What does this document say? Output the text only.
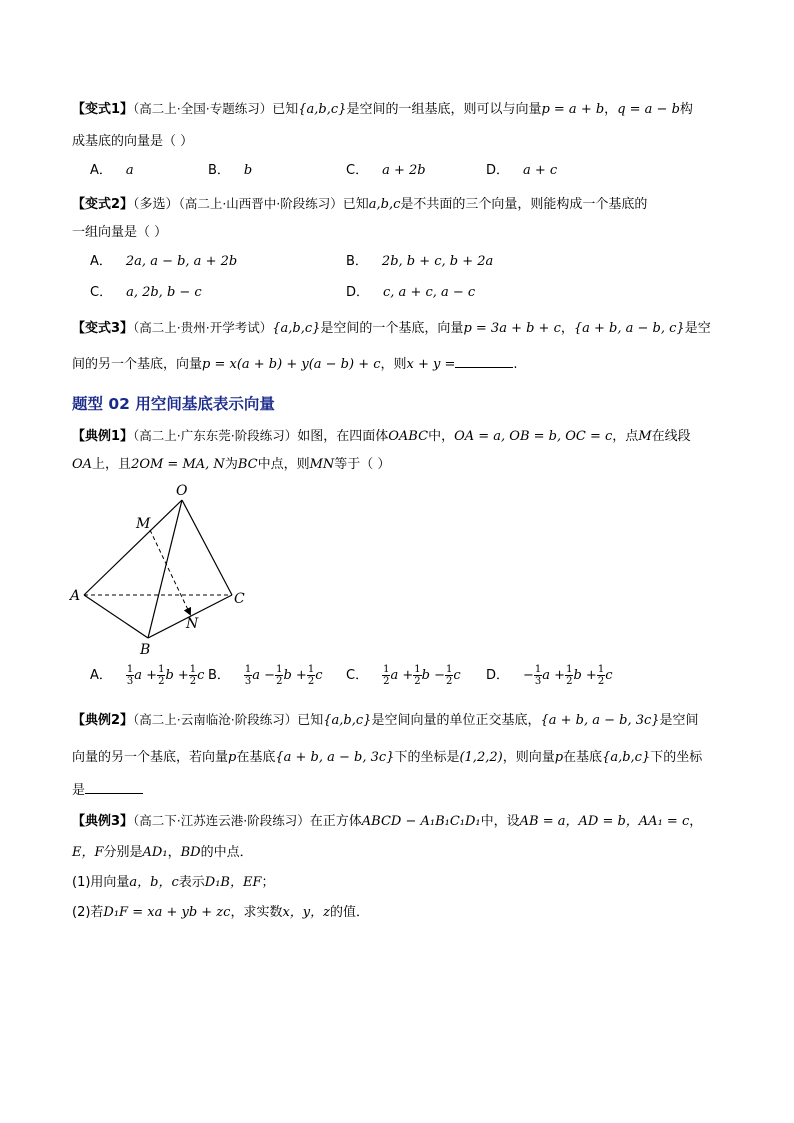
【变式1】（高二上·全国·专题练习）已知{a,b,c}是空间的一组基底，则可以与向量p = a + b，q = a − b构
成基底的向量是（ ）
A． a	B． b	C． a + 2b	D． a + c
【变式2】（多选）（高二上·山西晋中·阶段练习）已知a,b,c是不共面的三个向量，则能构成一个基底的
一组向量是（ ）
A． 2a, a − b, a + 2b	B． 2b, b + c, b + 2a
C． a, 2b, b − c	D． c, a + c, a − c
【变式3】（高二上·贵州·开学考试）{a,b,c}是空间的一个基底，向量p = 3a + b + c，{a + b, a − b, c}是空
间的另一个基底，向量p = x(a + b) + y(a − b) + c，则x + y =	.
题型 02 用空间基底表示向量
【典例1】（高二上·广东东莞·阶段练习）如图，在四面体OABC中，OA = a, OB = b, OC = c，点M在线段
OA上，且2OM = MA, N为BC中点，则MN等于（ ）
O
M
A
B
C
N
A． $\frac{1}{3}$ $a + \frac{1}{2}$ $b + \frac{1}{2}$ c B． $\frac{1}{3}$ $a - \frac{1}{2}$ $b + \frac{1}{2}$ c C． $\frac{1}{2}$ $a + \frac{1}{2}$ $b - \frac{1}{2}$ c D． − $\frac{1}{3}$ $a + \frac{1}{2}$ $b + \frac{1}{2}$ c
【典例2】（高二上·云南临沧·阶段练习）已知{a,b,c}是空间向量的单位正交基底，{a + b, a − b, 3c}是空间
向量的另一个基底，若向量p在基底{a + b, a − b, 3c}下的坐标是(1,2,2)，则向量p在基底{a,b,c}下的坐标
是
【典例3】（高二下·江苏连云港·阶段练习）在正方体ABCD − A₁B₁C₁D₁中，设AB = a，AD = b，AA₁ = c，
E，F分别是AD₁，BD的中点．
(1)用向量a，b，c表示D₁B，EF；
(2)若D₁F = xa + yb + zc，求实数x，y，z的值．
